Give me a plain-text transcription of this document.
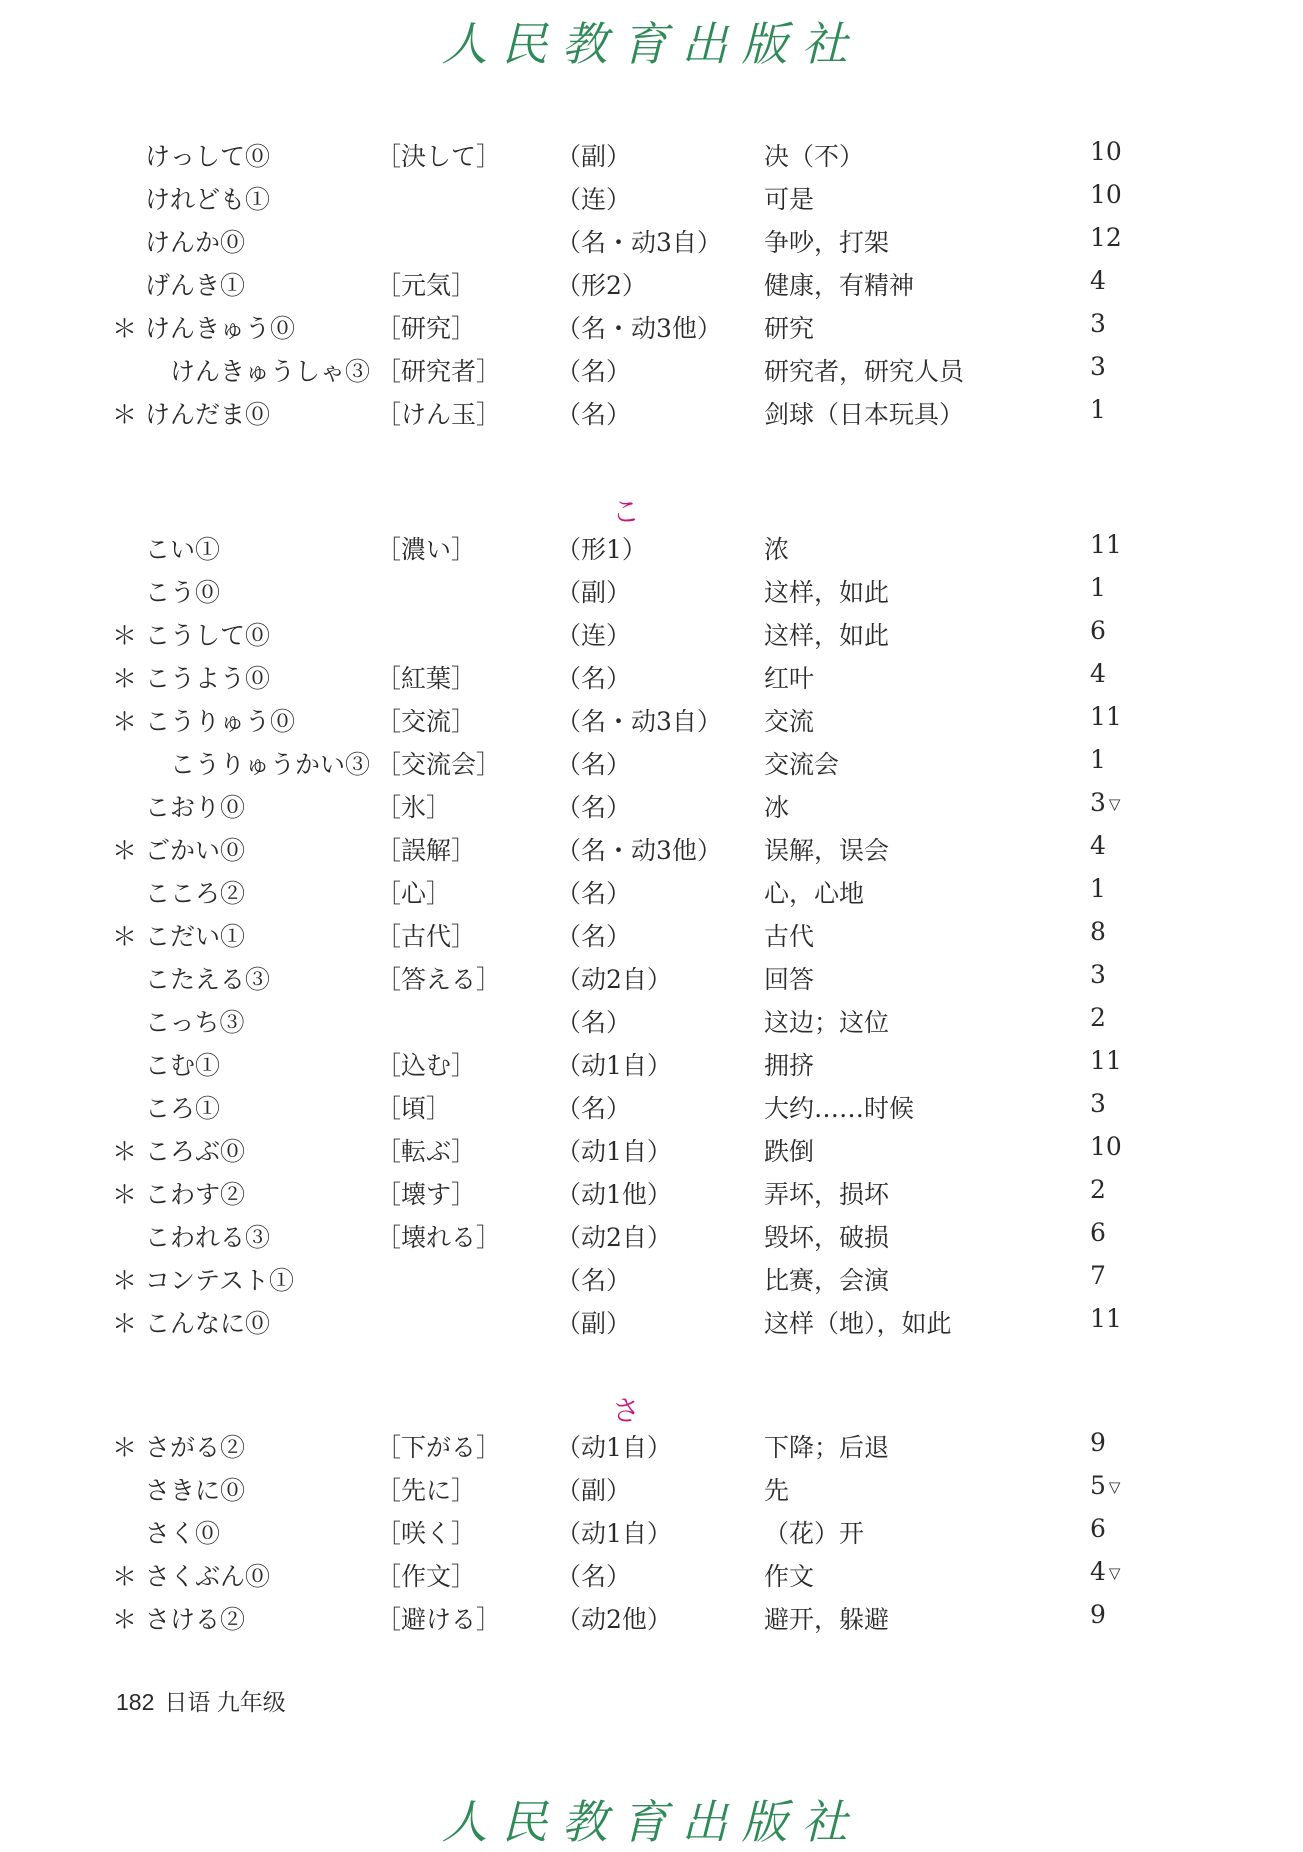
人民教育出版社
けっして⓪	［決して］ （副）	决（不）	10
けれども①	（连）	可是	10
けんか⓪	（名・动3自） 争吵，打架	12
げんき①	［元気］	（形2）	健康，有精神	4
＊ けんきゅう⓪	［研究］	（名・动3他） 研究	3
けんきゅうしゃ③ ［研究者］ （名）	研究者，研究人员	3
＊ けんだま⓪	［けん玉］ （名）	剑球（日本玩具）	1
こ
こい①	［濃い］	（形1）	浓	11
こう⓪	（副）	这样，如此	1
＊ こうして⓪	（连）	这样，如此	6
＊ こうよう⓪	［紅葉］	（名）	红叶	4
＊ こうりゅう⓪	［交流］	（名・动3自） 交流	11
こうりゅうかい③ ［交流会］ （名）	交流会	1
こおり⓪	［氷］	（名）	冰	3 ▽
＊ ごかい⓪	［誤解］	（名・动3他） 误解，误会	4
こころ②	［心］	（名）	心，心地	1
＊ こだい①	［古代］	（名）	古代	8
こたえる③	［答える］ （动2自）	回答	3
こっち③	（名）	这边；这位	2
こむ①	［込む］	（动1自）	拥挤	11
ころ①	［頃］	（名）	大约……时候	3
＊ ころぶ⓪	［転ぶ］	（动1自）	跌倒	10
＊ こわす②	［壊す］	（动1他）	弄坏，损坏	2
こわれる③	［壊れる］ （动2自）	毁坏，破损	6
＊ コンテスト①	（名）	比赛，会演	7
＊ こんなに⓪	（副）	这样（地），如此	11
さ
＊ さがる②	［下がる］ （动1自）	下降；后退	9
さきに⓪	［先に］	（副）	先	5 ▽
さく⓪	［咲く］	（动1自）	（花）开	6
＊ さくぶん⓪	［作文］	（名）	作文	4 ▽
＊ さける②	［避ける］ （动2他）	避开，躲避	9
182 日语 九年级
人民教育出版社
